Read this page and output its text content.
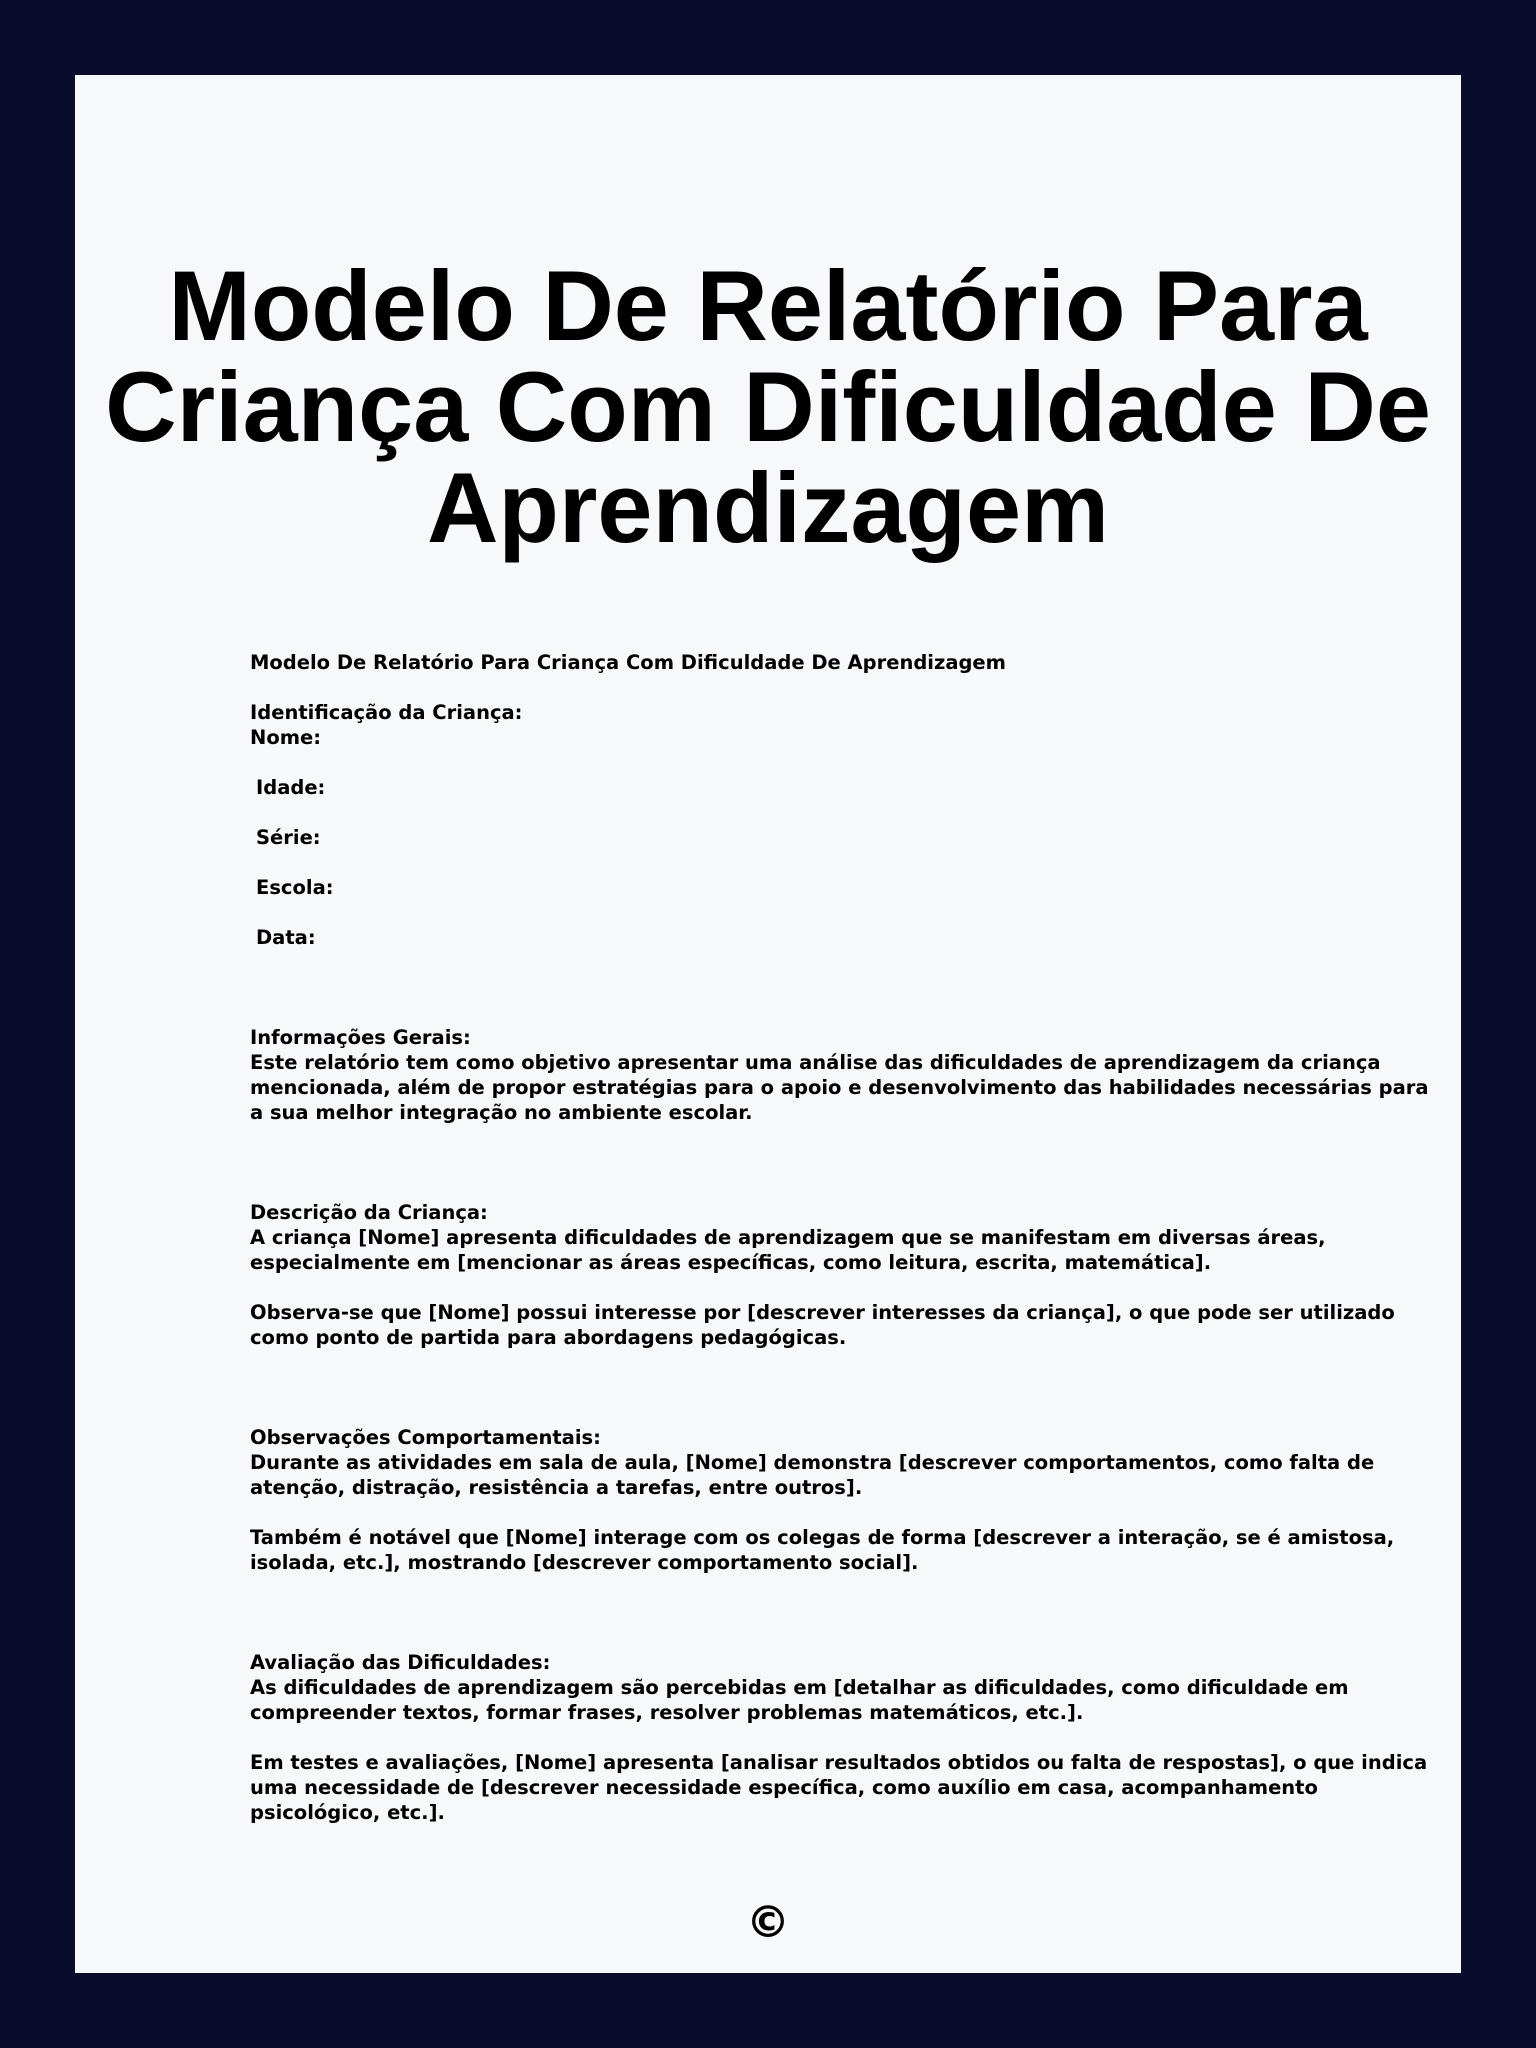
Modelo De Relatório Para
Criança Com Dificuldade De
Aprendizagem
Modelo De Relatório Para Criança Com Dificuldade De Aprendizagem
Identificação da Criança:
Nome:
Idade:
Série:
Escola:
Data:
Informações Gerais:
Este relatório tem como objetivo apresentar uma análise das dificuldades de aprendizagem da criança
mencionada, além de propor estratégias para o apoio e desenvolvimento das habilidades necessárias para
a sua melhor integração no ambiente escolar.
Descrição da Criança:
A criança [Nome] apresenta dificuldades de aprendizagem que se manifestam em diversas áreas,
especialmente em [mencionar as áreas específicas, como leitura, escrita, matemática].
Observa-se que [Nome] possui interesse por [descrever interesses da criança], o que pode ser utilizado
como ponto de partida para abordagens pedagógicas.
Observações Comportamentais:
Durante as atividades em sala de aula, [Nome] demonstra [descrever comportamentos, como falta de
atenção, distração, resistência a tarefas, entre outros].
Também é notável que [Nome] interage com os colegas de forma [descrever a interação, se é amistosa,
isolada, etc.], mostrando [descrever comportamento social].
Avaliação das Dificuldades:
As dificuldades de aprendizagem são percebidas em [detalhar as dificuldades, como dificuldade em
compreender textos, formar frases, resolver problemas matemáticos, etc.].
Em testes e avaliações, [Nome] apresenta [analisar resultados obtidos ou falta de respostas], o que indica
uma necessidade de [descrever necessidade específica, como auxílio em casa, acompanhamento
psicológico, etc.].
©
